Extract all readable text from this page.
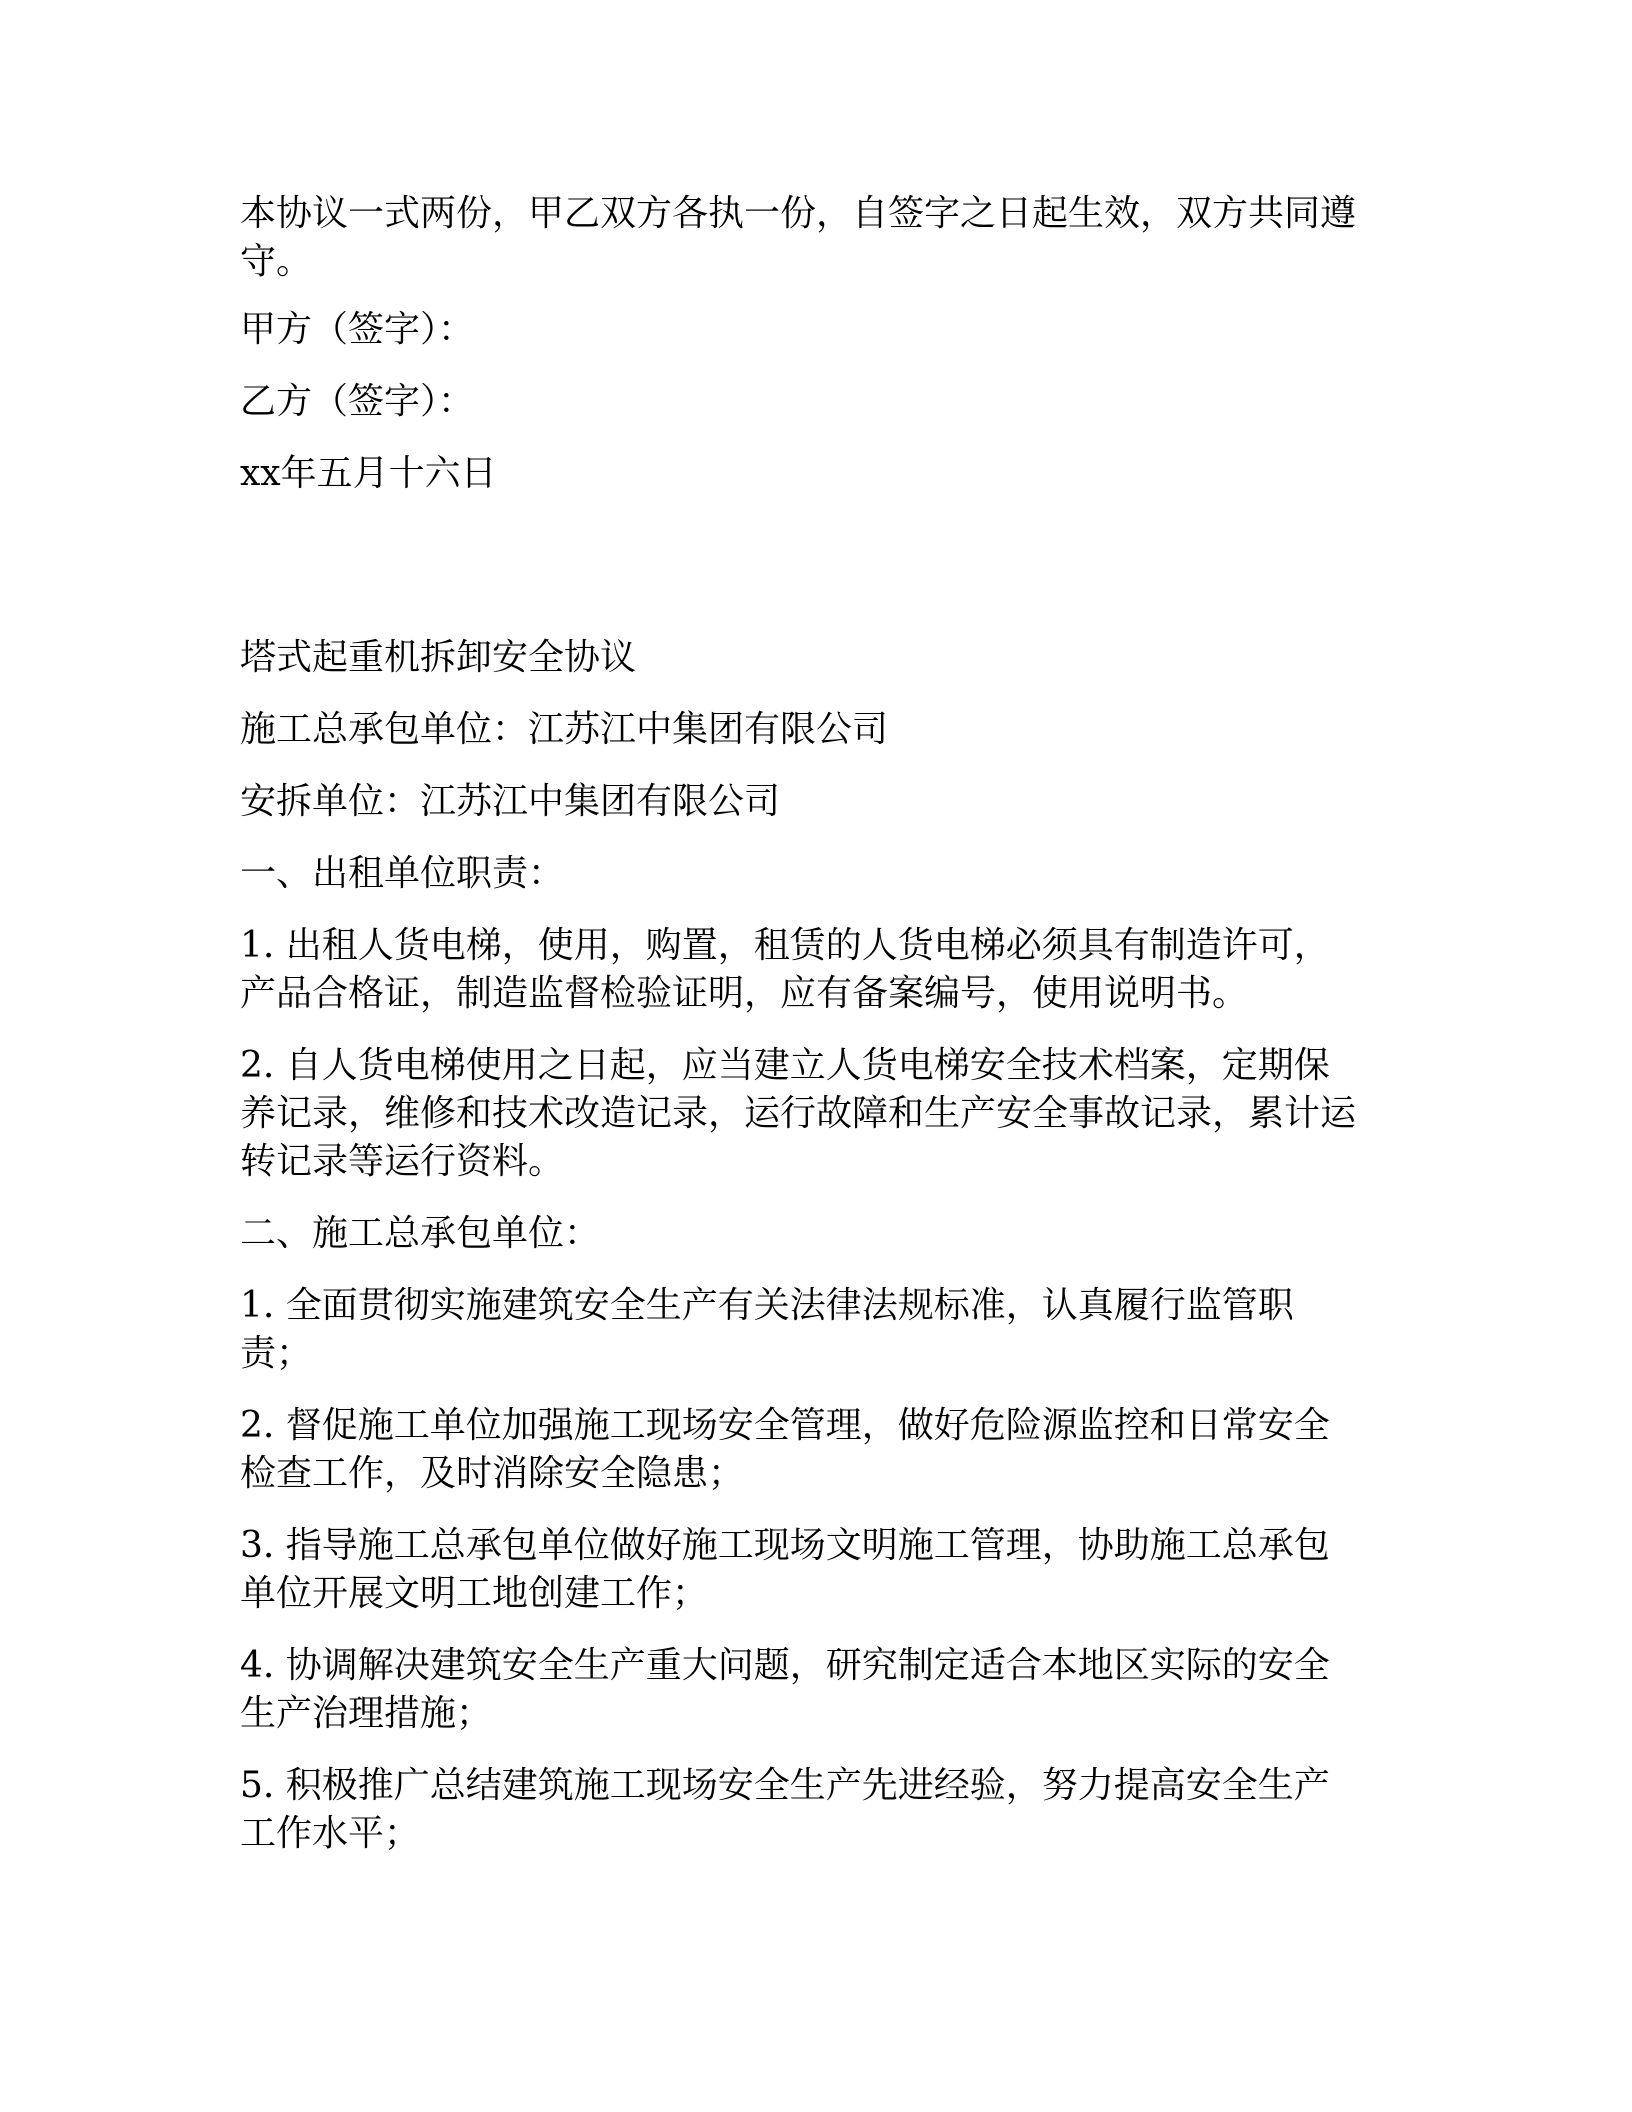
本协议一式两份，甲乙双方各执一份，自签字之日起生效，双方共同遵守。

甲方（签字）：

乙方（签字）：

xx年五月十六日

塔式起重机拆卸安全协议

施工总承包单位：江苏江中集团有限公司

安拆单位：江苏江中集团有限公司

一、出租单位职责：

1. 出租人货电梯，使用，购置，租赁的人货电梯必须具有制造许可，产品合格证，制造监督检验证明，应有备案编号，使用说明书。

2. 自人货电梯使用之日起，应当建立人货电梯安全技术档案，定期保养记录，维修和技术改造记录，运行故障和生产安全事故记录，累计运转记录等运行资料。

二、施工总承包单位：

1. 全面贯彻实施建筑安全生产有关法律法规标准，认真履行监管职责；

2. 督促施工单位加强施工现场安全管理，做好危险源监控和日常安全检查工作，及时消除安全隐患；

3. 指导施工总承包单位做好施工现场文明施工管理，协助施工总承包单位开展文明工地创建工作；

4. 协调解决建筑安全生产重大问题，研究制定适合本地区实际的安全生产治理措施；

5. 积极推广总结建筑施工现场安全生产先进经验，努力提高安全生产工作水平；
